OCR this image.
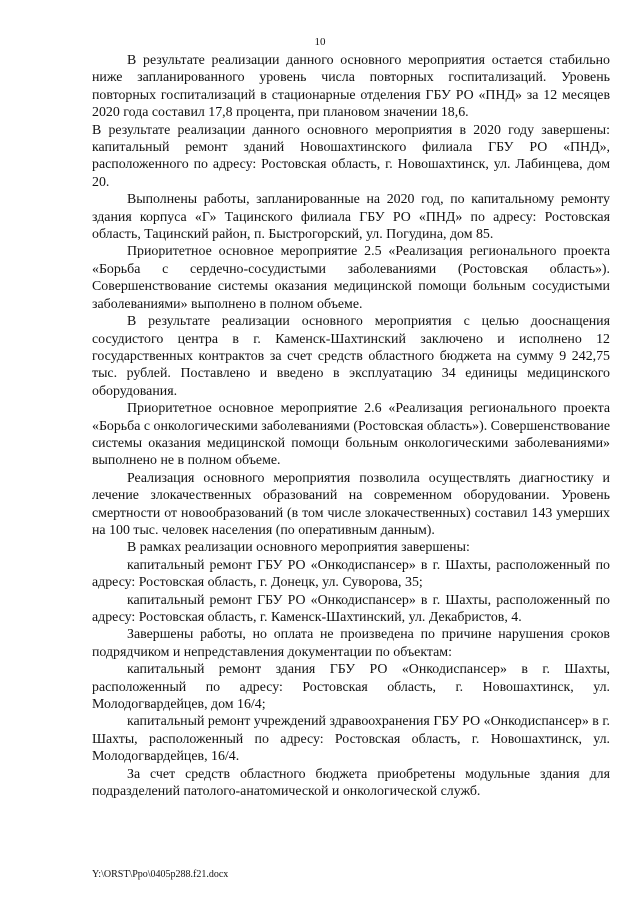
10

В результате реализации данного основного мероприятия остается стабильно ниже запланированного уровень числа повторных госпитализаций. Уровень повторных госпитализаций в стационарные отделения ГБУ РО «ПНД» за 12 месяцев 2020 года составил 17,8 процента, при плановом значении 18,6.

В результате реализации данного основного мероприятия в 2020 году завершены: капитальный ремонт зданий Новошахтинского филиала ГБУ РО «ПНД», расположенного по адресу: Ростовская область, г. Новошахтинск, ул. Лабинцева, дом 20.

Выполнены работы, запланированные на 2020 год, по капитальному ремонту здания корпуса «Г» Тацинского филиала ГБУ РО «ПНД» по адресу: Ростовская область, Тацинский район, п. Быстрогорский, ул. Погудина, дом 85.

Приоритетное основное мероприятие 2.5 «Реализация регионального проекта «Борьба с сердечно-сосудистыми заболеваниями (Ростовская область»). Совершенствование системы оказания медицинской помощи больным сосудистыми заболеваниями» выполнено в полном объеме.

В результате реализации основного мероприятия с целью дооснащения сосудистого центра в г. Каменск-Шахтинский заключено и исполнено 12 государственных контрактов за счет средств областного бюджета на сумму 9 242,75 тыс. рублей. Поставлено и введено в эксплуатацию 34 единицы медицинского оборудования.

Приоритетное основное мероприятие 2.6 «Реализация регионального проекта «Борьба с онкологическими заболеваниями (Ростовская область»). Совершенствование системы оказания медицинской помощи больным онкологическими заболеваниями» выполнено не в полном объеме.

Реализация основного мероприятия позволила осуществлять диагностику и лечение злокачественных образований на современном оборудовании. Уровень смертности от новообразований (в том числе злокачественных) составил 143 умерших на 100 тыс. человек населения (по оперативным данным).

В рамках реализации основного мероприятия завершены:

капитальный ремонт ГБУ РО «Онкодиспансер» в г. Шахты, расположенный по адресу: Ростовская область, г. Донецк, ул. Суворова, 35;

капитальный ремонт ГБУ РО «Онкодиспансер» в г. Шахты, расположенный по адресу: Ростовская область, г. Каменск-Шахтинский, ул. Декабристов, 4.

Завершены работы, но оплата не произведена по причине нарушения сроков подрядчиком и непредставления документации по объектам:

капитальный ремонт здания ГБУ РО «Онкодиспансер» в г. Шахты, расположенный по адресу: Ростовская область, г. Новошахтинск, ул. Молодогвардейцев, дом 16/4;

капитальный ремонт учреждений здравоохранения ГБУ РО «Онкодиспансер» в г. Шахты, расположенный по адресу: Ростовская область, г. Новошахтинск, ул. Молодогвардейцев, 16/4.

За счет средств областного бюджета приобретены модульные здания для подразделений патолого-анатомической и онкологической служб.

Y:\ORST\Ppo\0405p288.f21.docx
